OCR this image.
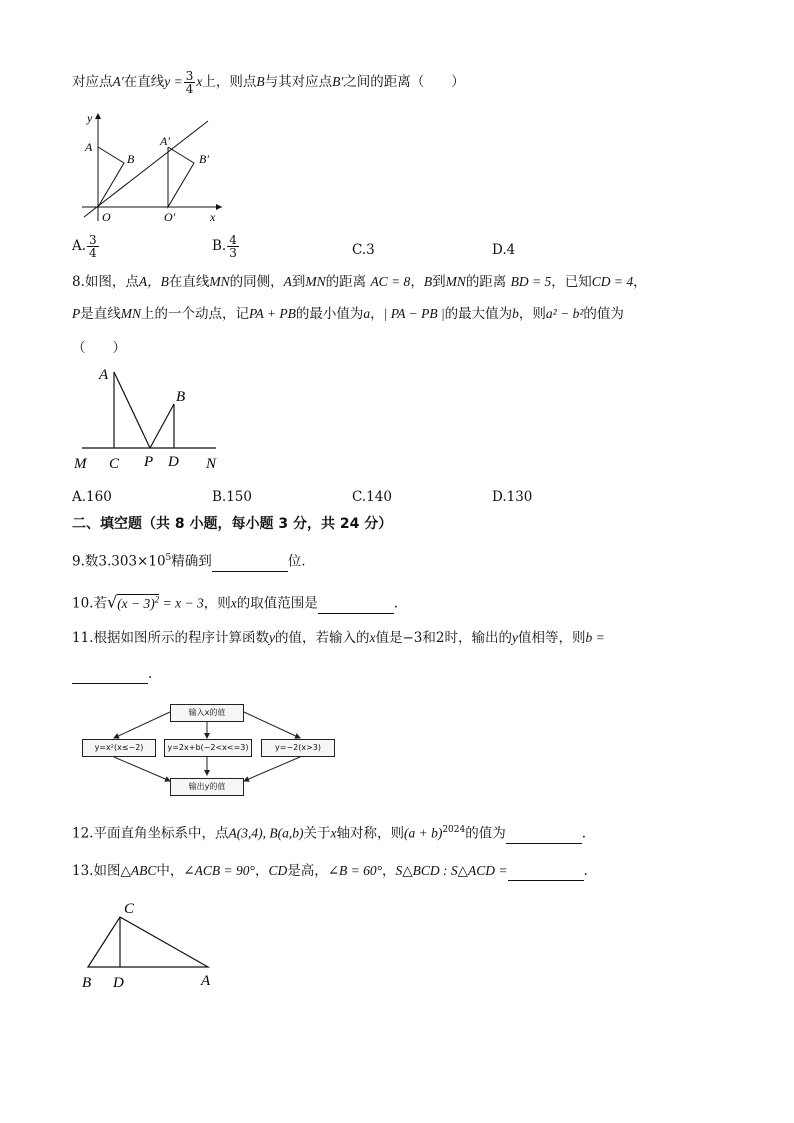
对应点A′在直线$y = \frac{3}{4}$ x上，则点B与其对应点B′之间的距离（　　）
y
A
B
A′
B′
O	O′	x
A. $\frac{3}{4}$	B. $\frac{4}{3}$	C.3	D.4
8.如图，点A，B在直线MN的同侧，A到MN的距离 AC = 8，B到MN的距离 BD = 5，已知CD = 4，
P是直线MN上的一个动点，记PA + PB的最小值为a，| PA − PB |的最大值为b，则a² − b²的值为
（　　）
A
B
M C P D N
A.160	B.150	C.140	D.130
二、填空题（共 8 小题，每小题 3 分，共 24 分）
9.数$3.303\times 10^5$精确到	位.
10.若$√(x - 3)^2 = x - 3$，则x的取值范围是	.
11.根据如图所示的程序计算函数y的值，若输入的x值是−3和2时，输出的y值相等，则b =
.
输入x的值
y=x²(x≤−2)	y=2x+b(−2<x<=3)	y=−2(x>3)
输出y的值
12.平面直角坐标系中，点A(3,4), B(a,b)关于x轴对称，则$(a + b)^{2024}$的值为	.
13.如图△ABC中，∠ACB = 90°，CD是高，∠B = 60°，S△BCD : S△ACD =	.
C
B D	A
